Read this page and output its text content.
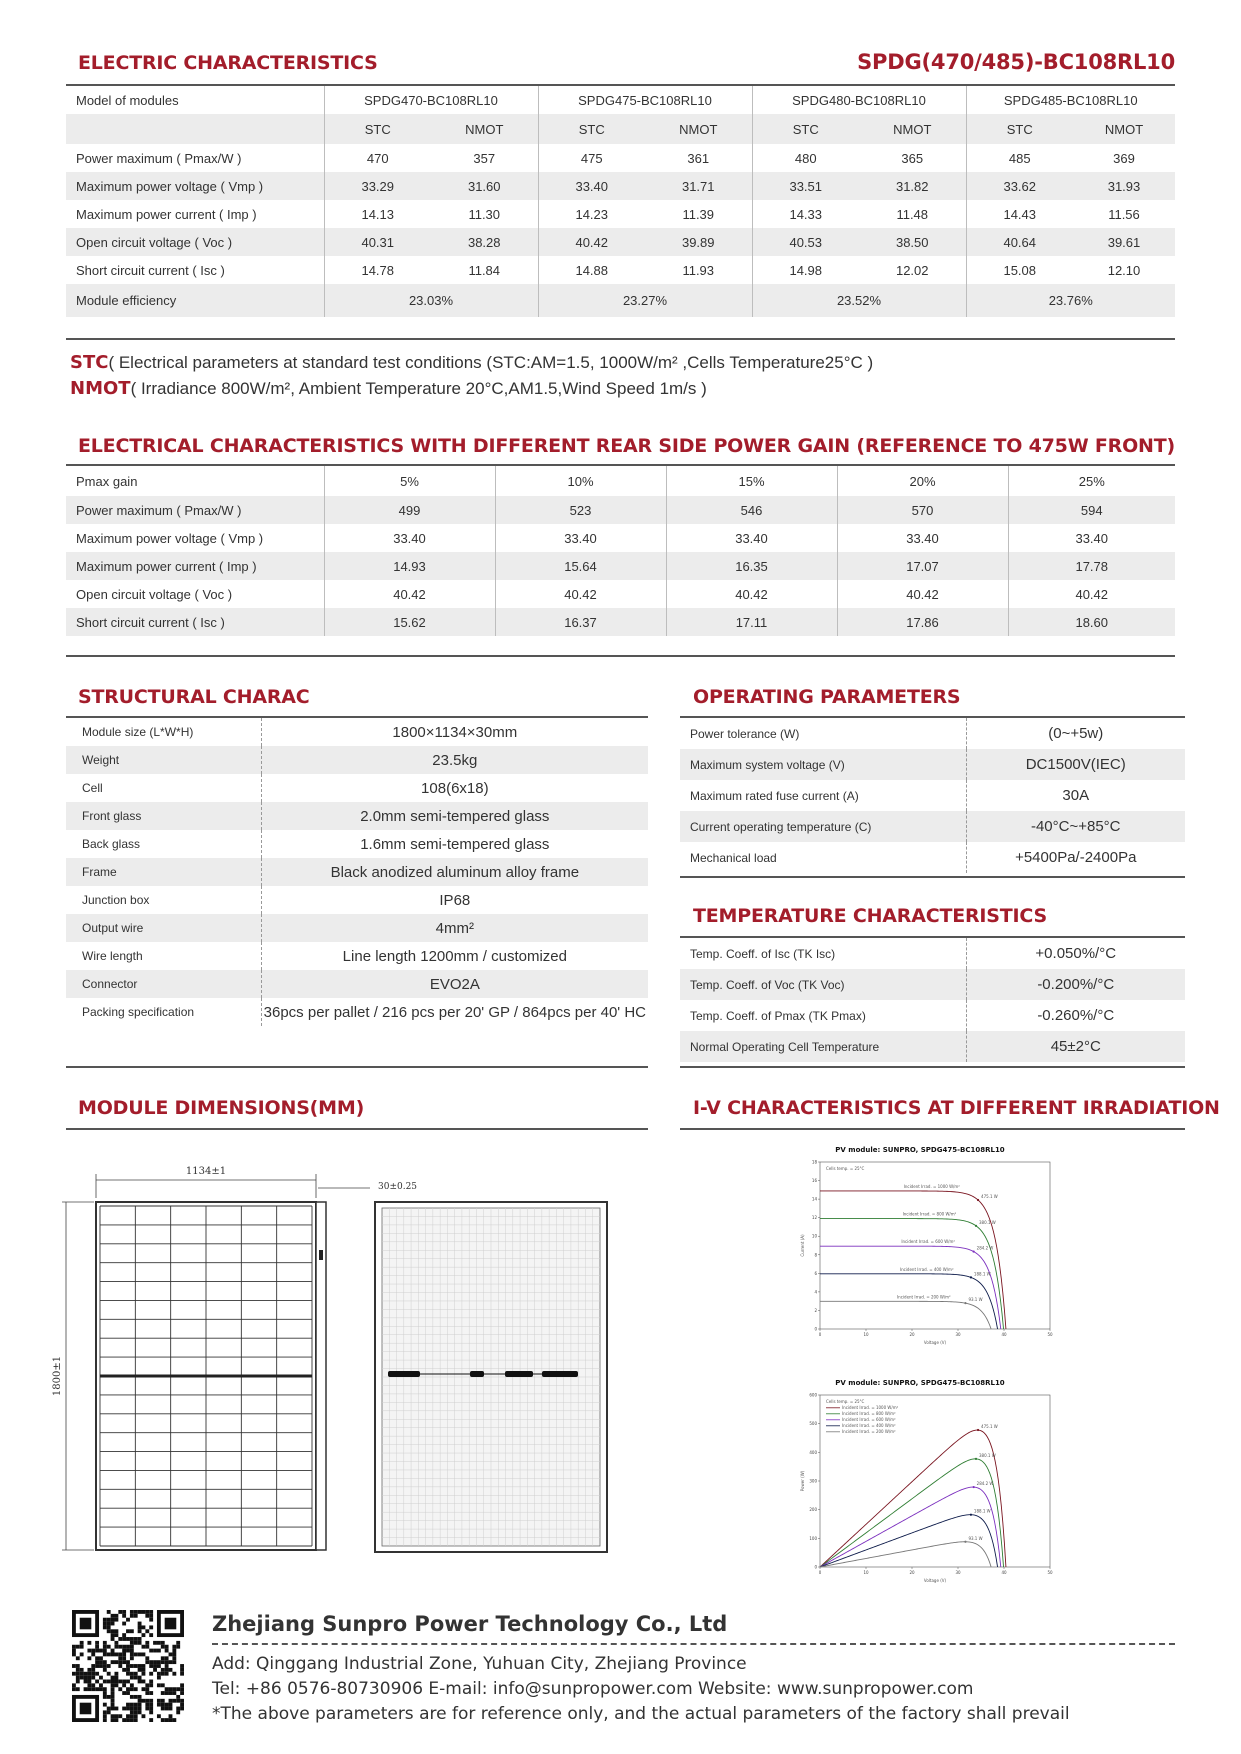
ELECTRIC CHARACTERISTICS	SPDG(470/485)-BC108RL10
Model of modules	SPDG470-BC108RL10		SPDG475-BC108RL10		SPDG480-BC108RL10		SPDG485-BC108RL10	
	STC	NMOT	STC	NMOT	STC	NMOT	STC	NMOT
Power maximum ( Pmax/W )	470	357	475	361	480	365	485	369
Maximum power voltage ( Vmp )	33.29	31.60	33.40	31.71	33.51	31.82	33.62	31.93
Maximum power current ( Imp )	14.13	11.30	14.23	11.39	14.33	11.48	14.43	11.56
Open circuit voltage ( Voc )	40.31	38.28	40.42	39.89	40.53	38.50	40.64	39.61
Short circuit current ( Isc )	14.78	11.84	14.88	11.93	14.98	12.02	15.08	12.10
Module efficiency	23.03%		23.27%		23.52%		23.76%	
STC( Electrical parameters at standard test conditions (STC:AM=1.5, 1000W/m² ,Cells Temperature25°C )
NMOT( Irradiance 800W/m², Ambient Temperature 20°C,AM1.5,Wind Speed 1m/s )
ELECTRICAL CHARACTERISTICS WITH DIFFERENT REAR SIDE POWER GAIN (REFERENCE TO 475W FRONT)
Pmax gain	5%	10%	15%	20%	25%
Power maximum ( Pmax/W )	499	523	546	570	594
Maximum power voltage ( Vmp )	33.40	33.40	33.40	33.40	33.40
Maximum power current ( Imp )	14.93	15.64	16.35	17.07	17.78
Open circuit voltage ( Voc )	40.42	40.42	40.42	40.42	40.42
Short circuit current ( Isc )	15.62	16.37	17.11	17.86	18.60
STRUCTURAL CHARAC
Module size (L*W*H)	1800×1134×30mm
Weight	23.5kg
Cell	108(6x18)
Front glass	2.0mm semi-tempered glass
Back glass	1.6mm semi-tempered glass
Frame	Black anodized aluminum alloy frame
Junction box	IP68
Output wire	4mm²
Wire length	Line length 1200mm / customized
Connector	EVO2A
Packing specification	36pcs per pallet / 216 pcs per 20' GP / 864pcs per 40' HC
OPERATING PARAMETERS
Power tolerance (W)	(0~+5w)
Maximum system voltage (V)	DC1500V(IEC)
Maximum rated fuse current (A)	30A
Current operating temperature (C)	-40°C~+85°C
Mechanical load	+5400Pa/-2400Pa
TEMPERATURE CHARACTERISTICS
Temp. Coeff. of Isc (TK Isc)	+0.050%/°C
Temp. Coeff. of Voc (TK Voc)	-0.200%/°C
Temp. Coeff. of Pmax (TK Pmax)	-0.260%/°C
Normal Operating Cell Temperature	45±2°C
MODULE DIMENSIONS(MM)
1134±1
1800±1
30±0.25
I-V CHARACTERISTICS AT DIFFERENT IRRADIATION
PV module: SUNPRO, SPDG475-BC108RL10
0	10	20	30	40	50
0
2
4
6
8
10
12
14
16
18
Voltage (V)
Current (A)
Cells temp. = 25°C
475.1 W
Incident Irrad. = 1000 W/m²
380.1 W
Incident Irrad. = 800 W/m²
284.2 W
Incident Irrad. = 600 W/m²
188.1 W
Incident Irrad. = 400 W/m²
93.1 W
Incident Irrad. = 200 W/m²
PV module: SUNPRO, SPDG475-BC108RL10
0	10	20	30	40	50
0
100
200
300
400
500
600
Voltage (V)
Power (W)
Cells temp. = 25°C
475.1 W
Incident Irrad. = 1000 W/m²
380.1 W
Incident Irrad. = 800 W/m²
284.2 W
Incident Irrad. = 600 W/m²
188.1 W
Incident Irrad. = 400 W/m²
93.1 W
Incident Irrad. = 200 W/m²
Zhejiang Sunpro Power Technology Co., Ltd
Add: Qinggang Industrial Zone, Yuhuan City, Zhejiang Province
Tel: +86 0576-80730906 E-mail: info@sunpropower.com Website: www.sunpropower.com
*The above parameters are for reference only, and the actual parameters of the factory shall prevail
